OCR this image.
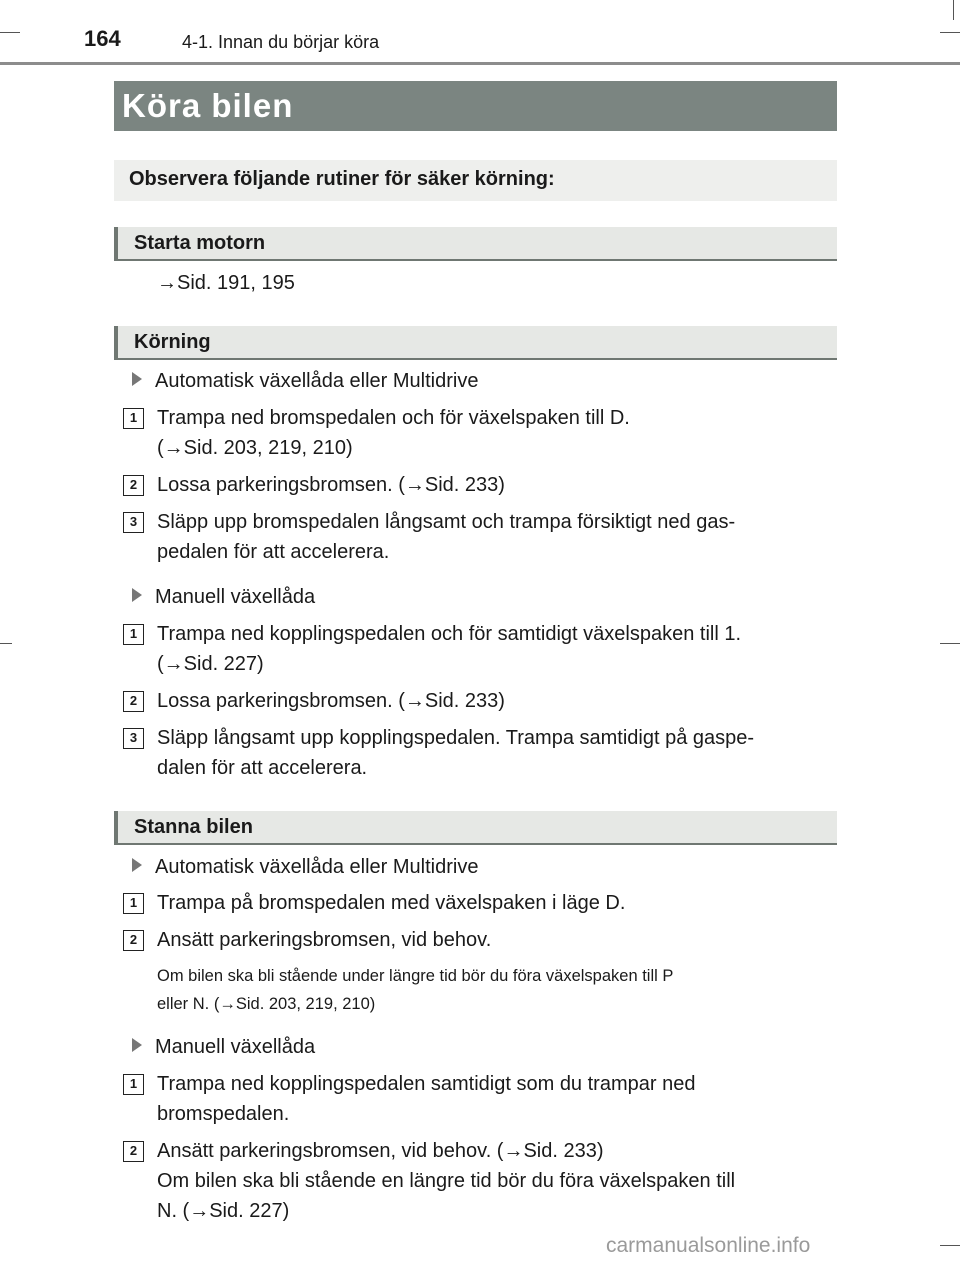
164	4-1. Innan du börjar köra
Köra bilen
Observera följande rutiner för säker körning:
Starta motorn
→Sid. 191, 195
Körning
Automatisk växellåda eller Multidrive
1 Trampa ned bromspedalen och för växelspaken till D.
(→Sid. 203, 219, 210)
2 Lossa parkeringsbromsen. (→Sid. 233)
3 Släpp upp bromspedalen långsamt och trampa försiktigt ned gas-
pedalen för att accelerera.
Manuell växellåda
1 Trampa ned kopplingspedalen och för samtidigt växelspaken till 1.
(→Sid. 227)
2 Lossa parkeringsbromsen. (→Sid. 233)
3 Släpp långsamt upp kopplingspedalen. Trampa samtidigt på gaspe-
dalen för att accelerera.
Stanna bilen
Automatisk växellåda eller Multidrive
1 Trampa på bromspedalen med växelspaken i läge D.
2 Ansätt parkeringsbromsen, vid behov.
Om bilen ska bli stående under längre tid bör du föra växelspaken till P
eller N. (→Sid. 203, 219, 210)
Manuell växellåda
1 Trampa ned kopplingspedalen samtidigt som du trampar ned
bromspedalen.
2 Ansätt parkeringsbromsen, vid behov. (→Sid. 233)
Om bilen ska bli stående en längre tid bör du föra växelspaken till
N. (→Sid. 227)
carmanualsonline.info
